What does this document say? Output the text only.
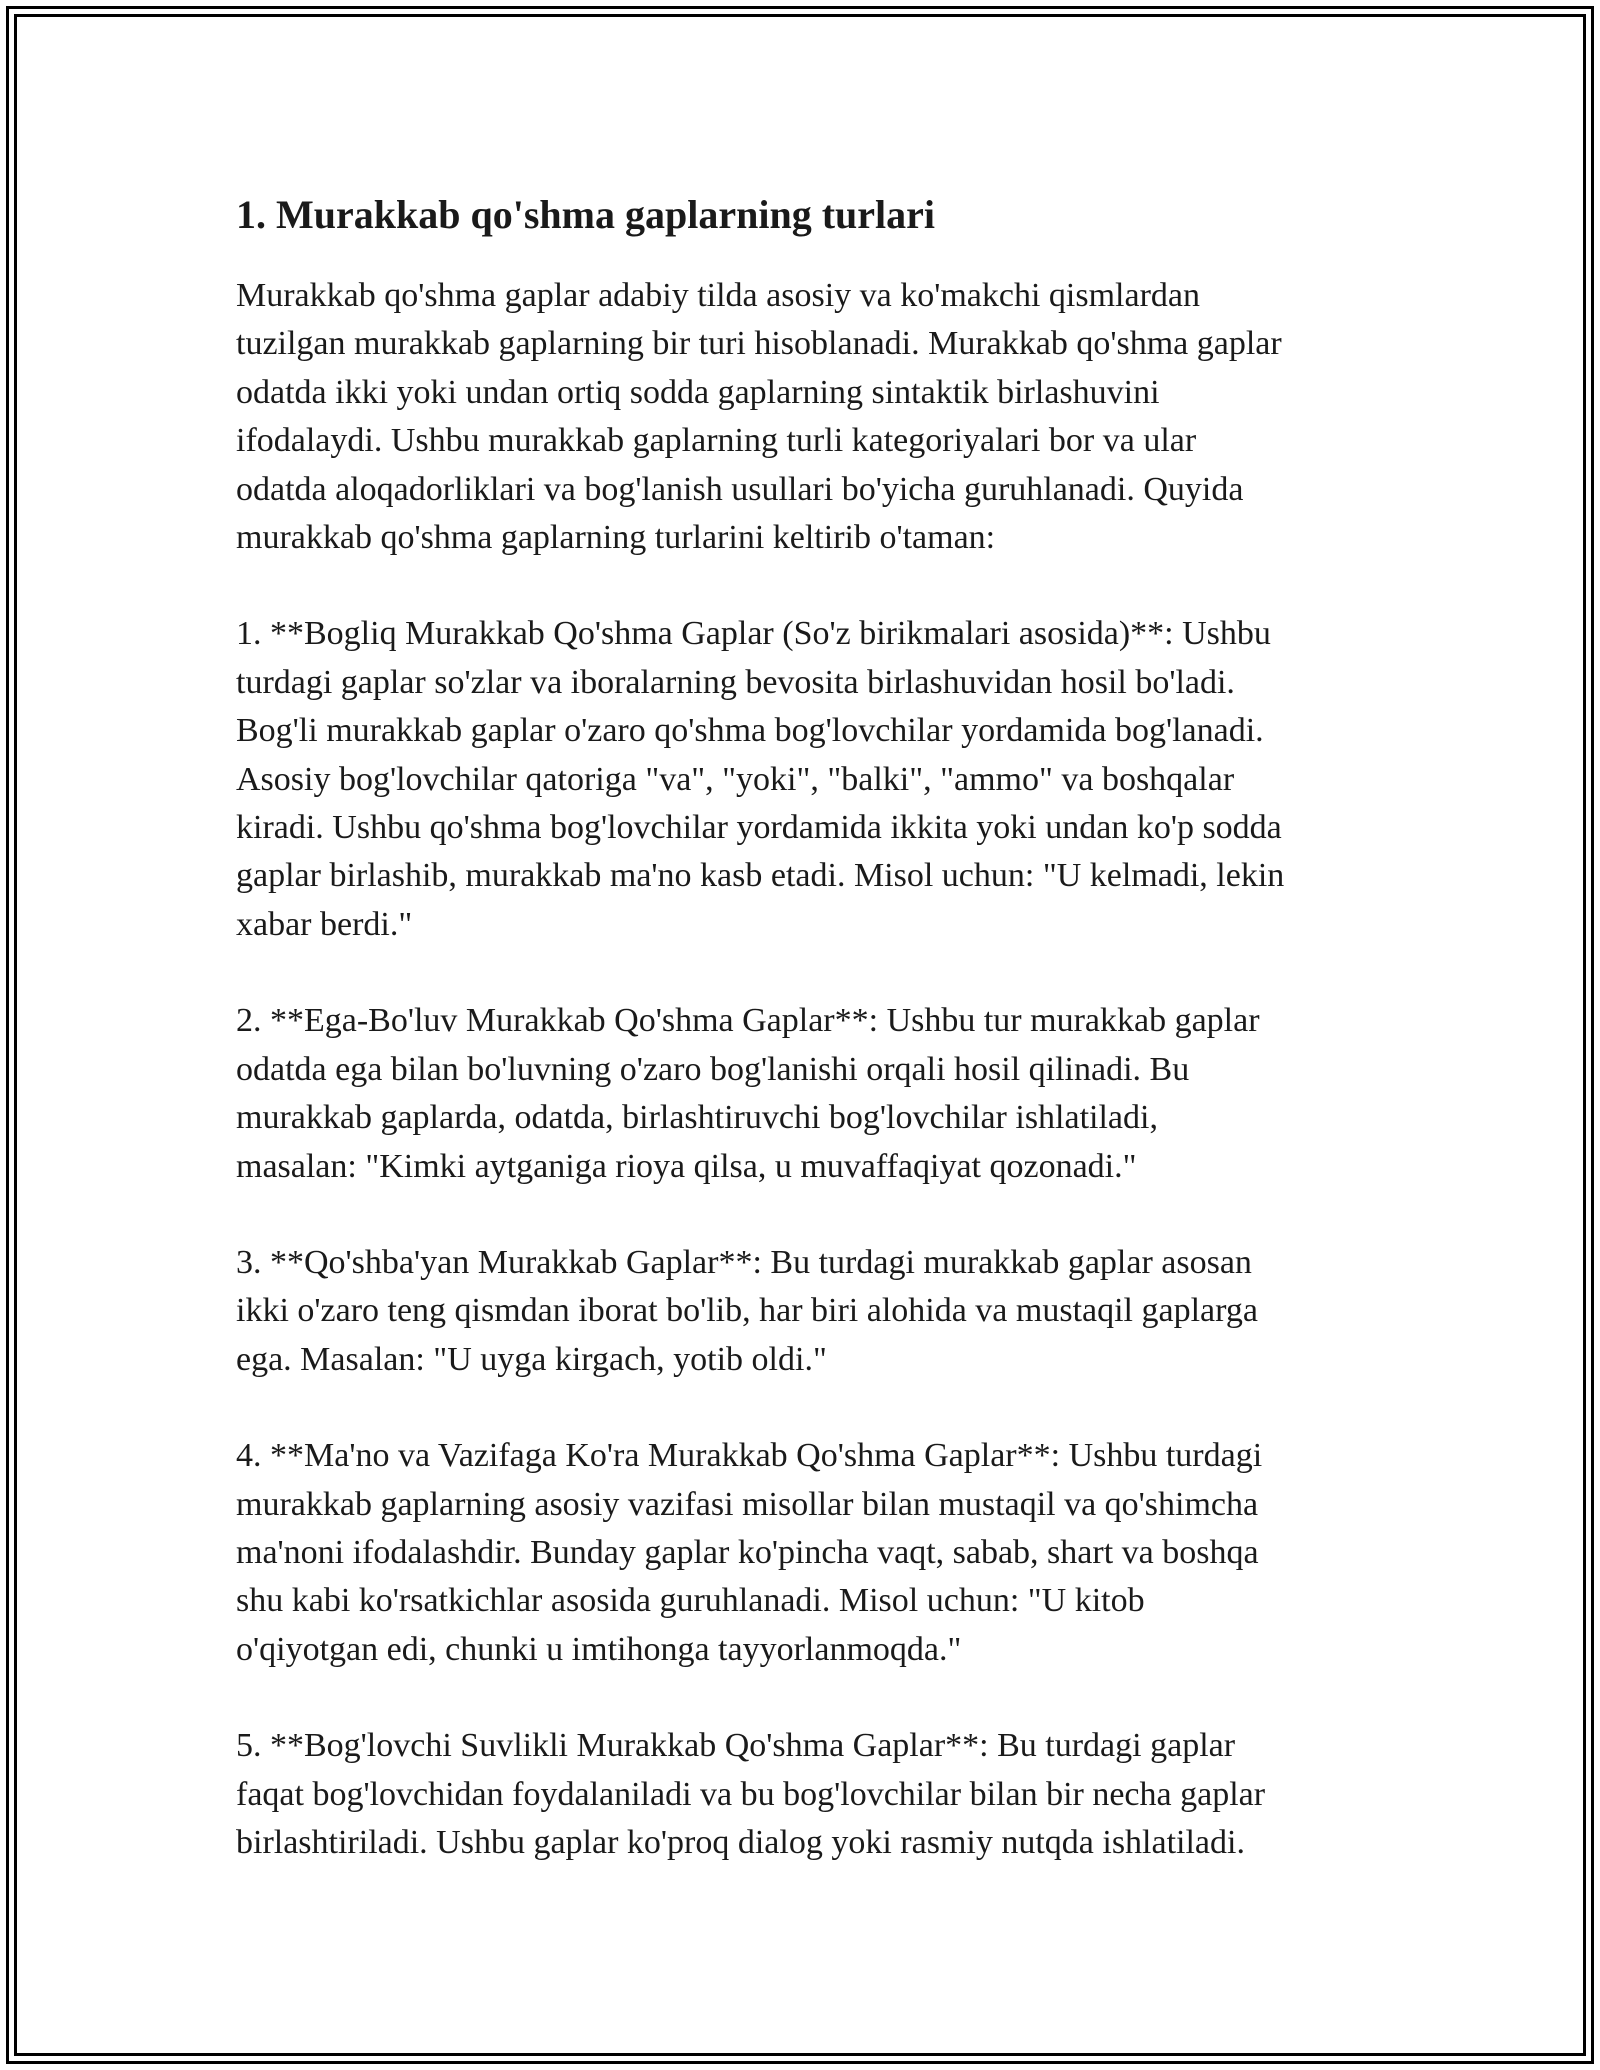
1. Murakkab qo'shma gaplarning turlari

Murakkab qo'shma gaplar adabiy tilda asosiy va ko'makchi qismlardan
tuzilgan murakkab gaplarning bir turi hisoblanadi. Murakkab qo'shma gaplar
odatda ikki yoki undan ortiq sodda gaplarning sintaktik birlashuvini
ifodalaydi. Ushbu murakkab gaplarning turli kategoriyalari bor va ular
odatda aloqadorliklari va bog'lanish usullari bo'yicha guruhlanadi. Quyida
murakkab qo'shma gaplarning turlarini keltirib o'taman:

1. **Bogliq Murakkab Qo'shma Gaplar (So'z birikmalari asosida)**: Ushbu
turdagi gaplar so'zlar va iboralarning bevosita birlashuvidan hosil bo'ladi.
Bog'li murakkab gaplar o'zaro qo'shma bog'lovchilar yordamida bog'lanadi.
Asosiy bog'lovchilar qatoriga "va", "yoki", "balki", "ammo" va boshqalar
kiradi. Ushbu qo'shma bog'lovchilar yordamida ikkita yoki undan ko'p sodda
gaplar birlashib, murakkab ma'no kasb etadi. Misol uchun: "U kelmadi, lekin
xabar berdi."

2. **Ega-Bo'luv Murakkab Qo'shma Gaplar**: Ushbu tur murakkab gaplar
odatda ega bilan bo'luvning o'zaro bog'lanishi orqali hosil qilinadi. Bu
murakkab gaplarda, odatda, birlashtiruvchi bog'lovchilar ishlatiladi,
masalan: "Kimki aytganiga rioya qilsa, u muvaffaqiyat qozonadi."

3. **Qo'shba'yan Murakkab Gaplar**: Bu turdagi murakkab gaplar asosan
ikki o'zaro teng qismdan iborat bo'lib, har biri alohida va mustaqil gaplarga
ega. Masalan: "U uyga kirgach, yotib oldi."

4. **Ma'no va Vazifaga Ko'ra Murakkab Qo'shma Gaplar**: Ushbu turdagi
murakkab gaplarning asosiy vazifasi misollar bilan mustaqil va qo'shimcha
ma'noni ifodalashdir. Bunday gaplar ko'pincha vaqt, sabab, shart va boshqa
shu kabi ko'rsatkichlar asosida guruhlanadi. Misol uchun: "U kitob
o'qiyotgan edi, chunki u imtihonga tayyorlanmoqda."

5. **Bog'lovchi Suvlikli Murakkab Qo'shma Gaplar**: Bu turdagi gaplar
faqat bog'lovchidan foydalaniladi va bu bog'lovchilar bilan bir necha gaplar
birlashtiriladi. Ushbu gaplar ko'proq dialog yoki rasmiy nutqda ishlatiladi.
